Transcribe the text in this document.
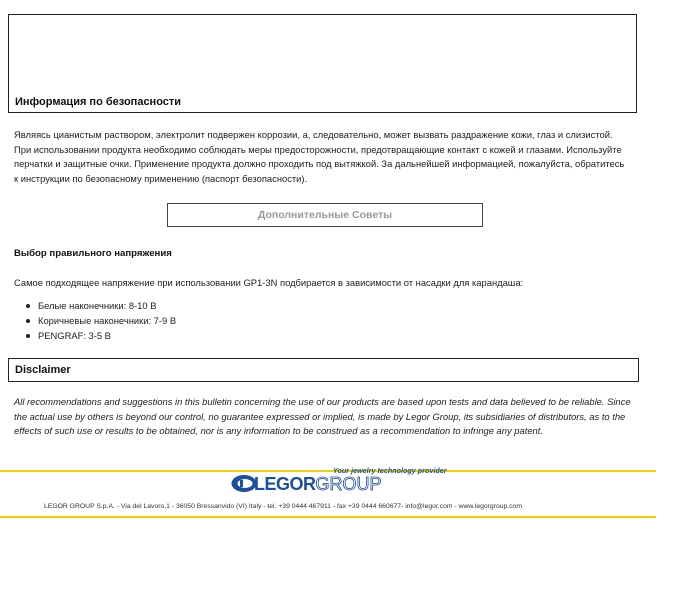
Информация по безопасности
Являясь цианистым раствором, электролит подвержен коррозии, а, следовательно, может вызвать раздражение кожи, глаз и слизистой. При использовании продукта необходимо соблюдать меры предосторожности, предотвращающие контакт с кожей и глазами. Используйте перчатки и защитные очки. Применение продукта должно проходить под вытяжкой. За дальнейшей информацией, пожалуйста, обратитесь к инструкции по безопасному применению (паспорт безопасности).
Дополнительные Советы
Выбор правильного напряжения
Самое подходящее напряжение при использовании GP1-3N подбирается в зависимости от насадки для карандаша:
Белые наконечники: 8-10 В
Коричневые наконечники: 7-9 В
PENGRAF: 3-5 В
Disclaimer
All recommendations and suggestions in this bulletin concerning the use of our products are based upon tests and data believed to be reliable. Since the actual use by others is beyond our control, no guarantee expressed or implied, is made by Legor Group, its subsidiaries of distributors, as to the effects of such use or results to be obtained, nor is any information to be construed as a recommendation to infringe any patent.
Your jewelry technology provider
LEGORGROUP
LEGOR GROUP S.p.A. - Via del Lavoro,1 - 36050 Bressanvido (VI) Italy - tel. +39 0444 467911 - fax +39 0444 660677- info@legor.com - www.legorgroup.com
